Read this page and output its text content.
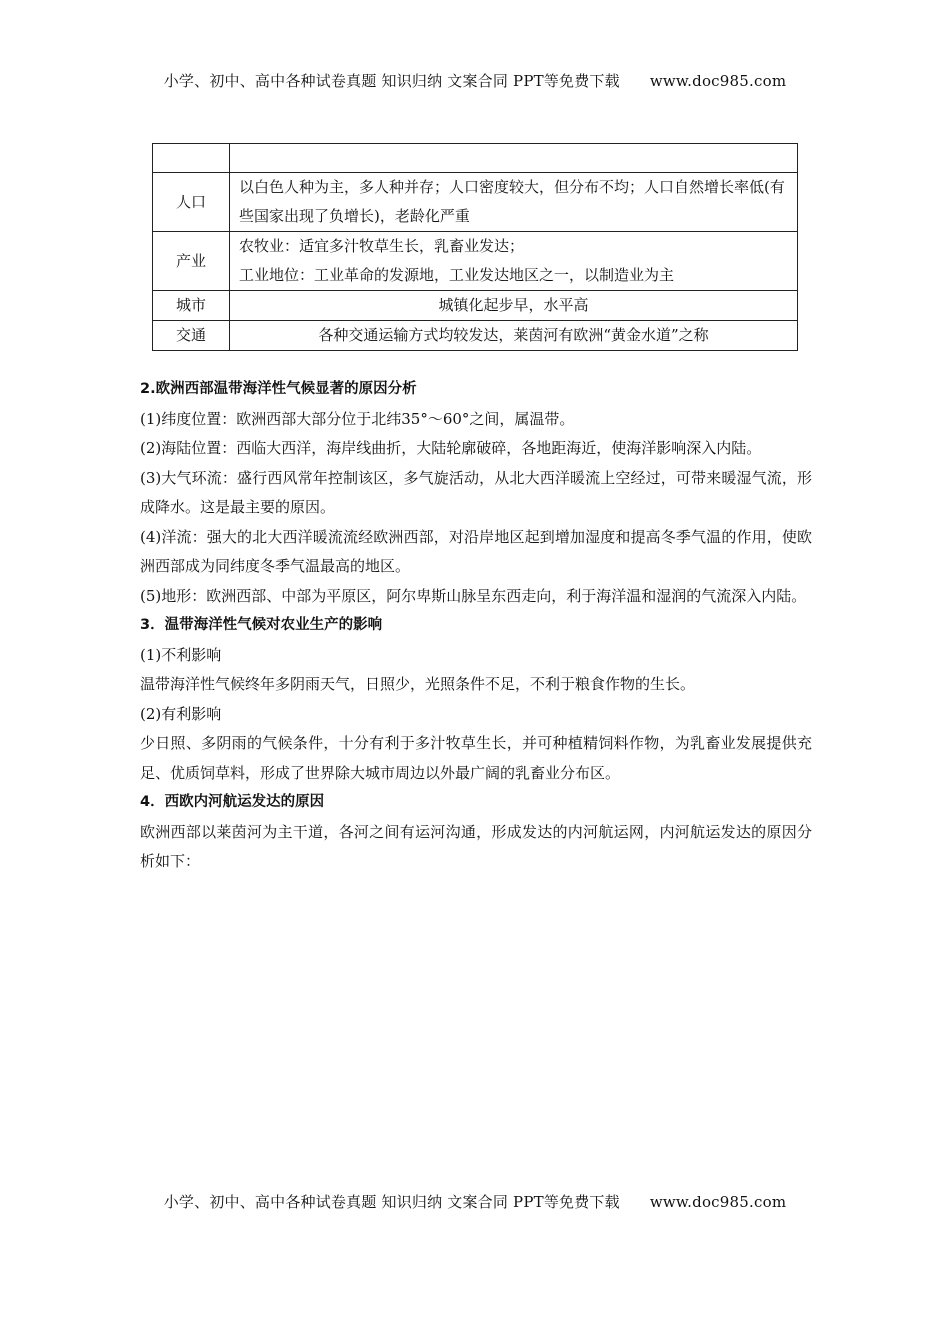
小学、初中、高中各种试卷真题 知识归纳 文案合同 PPT等免费下载 www.doc985.com

人口	以白色人种为主，多人种并存；人口密度较大，但分布不均；人口自然增长率低(有些国家出现了负增长)，老龄化严重
产业	农牧业：适宜多汁牧草生长，乳畜业发达；
工业地位：工业革命的发源地，工业发达地区之一，以制造业为主

城市	城镇化起步早，水平高
交通	各种交通运输方式均较发达，莱茵河有欧洲“黄金水道”之称

2.欧洲西部温带海洋性气候显著的原因分析

(1)纬度位置：欧洲西部大部分位于北纬35°～60°之间，属温带。

(2)海陆位置：西临大西洋，海岸线曲折，大陆轮廓破碎，各地距海近，使海洋影响深入内陆。

(3)大气环流：盛行西风常年控制该区，多气旋活动，从北大西洋暖流上空经过，可带来暖湿气流，形成降水。这是最主要的原因。

(4)洋流：强大的北大西洋暖流流经欧洲西部，对沿岸地区起到增加湿度和提高冬季气温的作用，使欧洲西部成为同纬度冬季气温最高的地区。

(5)地形：欧洲西部、中部为平原区，阿尔卑斯山脉呈东西走向，利于海洋温和湿润的气流深入内陆。

3．温带海洋性气候对农业生产的影响

(1)不利影响

温带海洋性气候终年多阴雨天气，日照少，光照条件不足，不利于粮食作物的生长。

(2)有利影响

少日照、多阴雨的气候条件，十分有利于多汁牧草生长，并可种植精饲料作物，为乳畜业发展提供充足、优质饲草料，形成了世界除大城市周边以外最广阔的乳畜业分布区。

4．西欧内河航运发达的原因

欧洲西部以莱茵河为主干道，各河之间有运河沟通，形成发达的内河航运网，内河航运发达的原因分析如下：

小学、初中、高中各种试卷真题 知识归纳 文案合同 PPT等免费下载 www.doc985.com
